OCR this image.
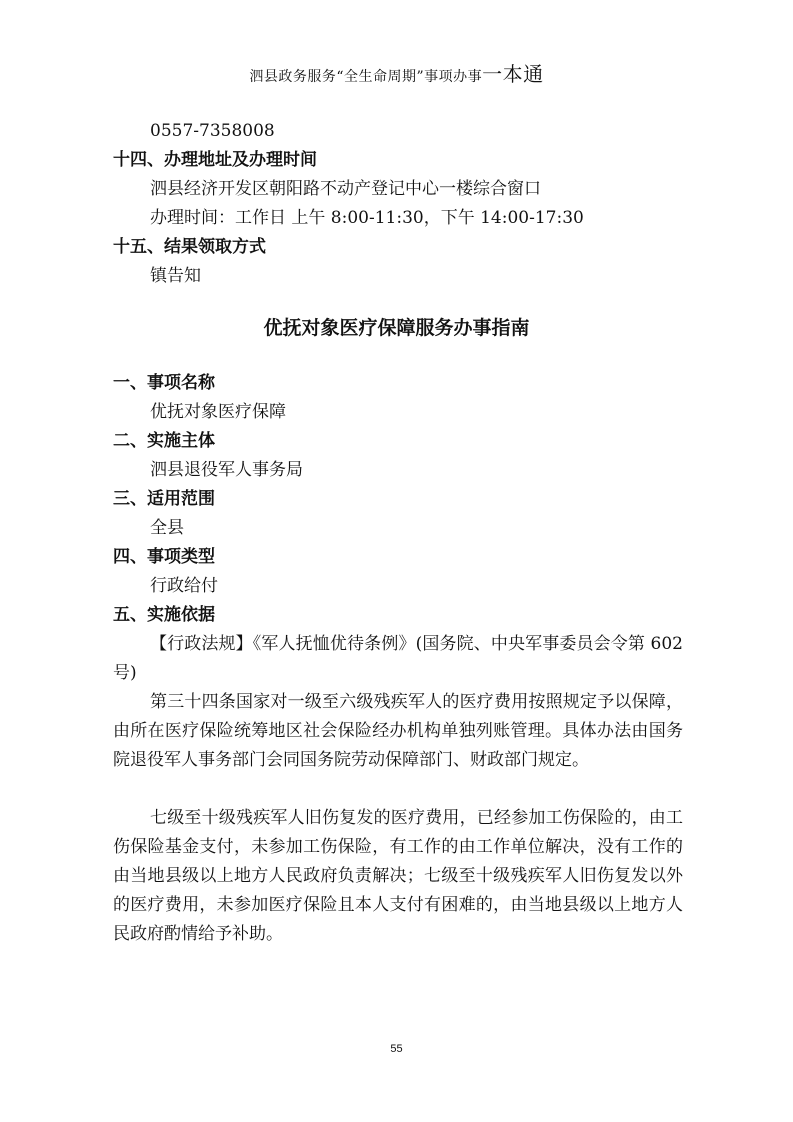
泗县政务服务“全生命周期”事项办事一本通
0557-7358008
十四、办理地址及办理时间
泗县经济开发区朝阳路不动产登记中心一楼综合窗口
办理时间：工作日 上午 8:00-11:30，下午 14:00-17:30
十五、结果领取方式
镇告知
优抚对象医疗保障服务办事指南
一、事项名称
优抚对象医疗保障
二、实施主体
泗县退役军人事务局
三、适用范围
全县
四、事项类型
行政给付
五、实施依据
【行政法规】《军人抚恤优待条例》(国务院、中央军事委员会令第 602 号)
第三十四条国家对一级至六级残疾军人的医疗费用按照规定予以保障，由所在医疗保险统筹地区社会保险经办机构单独列账管理。具体办法由国务院退役军人事务部门会同国务院劳动保障部门、财政部门规定。
七级至十级残疾军人旧伤复发的医疗费用，已经参加工伤保险的，由工伤保险基金支付，未参加工伤保险，有工作的由工作单位解决，没有工作的由当地县级以上地方人民政府负责解决；七级至十级残疾军人旧伤复发以外的医疗费用，未参加医疗保险且本人支付有困难的，由当地县级以上地方人民政府酌情给予补助。
55
